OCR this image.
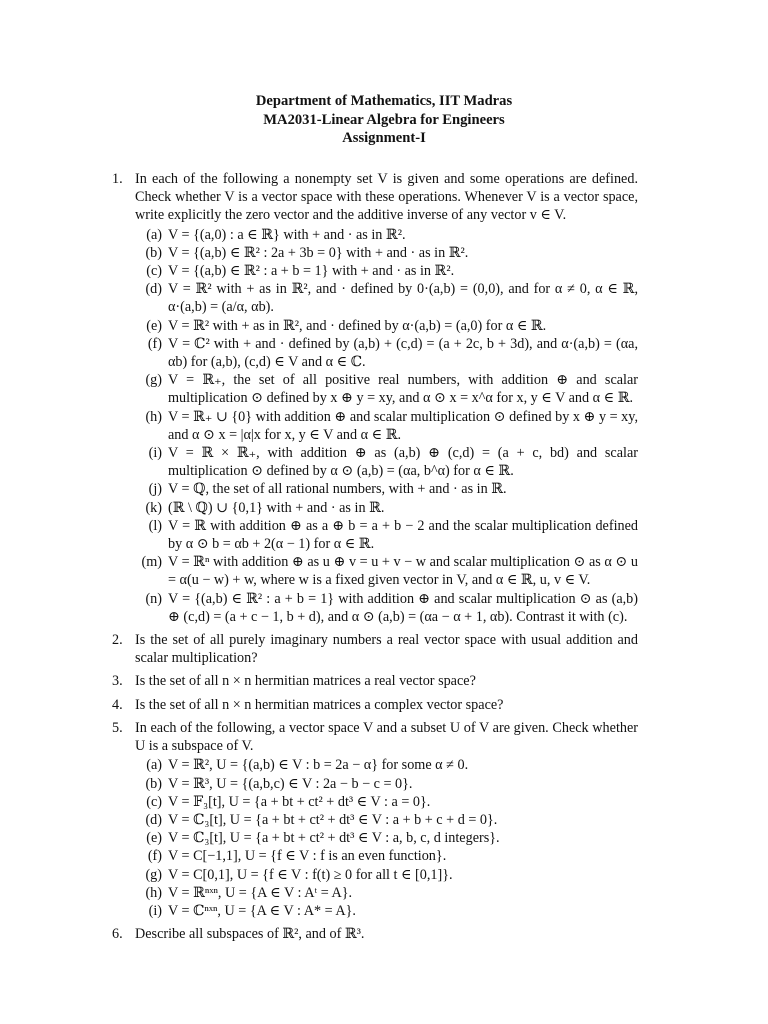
Department of Mathematics, IIT Madras
MA2031-Linear Algebra for Engineers
Assignment-I
1. In each of the following a nonempty set V is given and some operations are defined. Check whether V is a vector space with these operations. Whenever V is a vector space, write explicitly the zero vector and the additive inverse of any vector v ∈ V.
(a) V = {(a,0) : a ∈ ℝ} with + and · as in ℝ².
(b) V = {(a,b) ∈ ℝ² : 2a + 3b = 0} with + and · as in ℝ².
(c) V = {(a,b) ∈ ℝ² : a + b = 1} with + and · as in ℝ².
(d) V = ℝ² with + as in ℝ², and · defined by 0·(a,b) = (0,0), and for α ≠ 0, α ∈ ℝ, α·(a,b) = (a/α, αb).
(e) V = ℝ² with + as in ℝ², and · defined by α·(a,b) = (a,0) for α ∈ ℝ.
(f) V = ℂ² with + and · defined by (a,b) + (c,d) = (a + 2c, b + 3d), and α·(a,b) = (αa, αb) for (a,b), (c,d) ∈ V and α ∈ ℂ.
(g) V = ℝ₊, the set of all positive real numbers, with addition ⊕ and scalar multiplication ⊙ defined by x ⊕ y = xy, and α ⊙ x = x^α for x, y ∈ V and α ∈ ℝ.
(h) V = ℝ₊ ∪ {0} with addition ⊕ and scalar multiplication ⊙ defined by x ⊕ y = xy, and α ⊙ x = |α|x for x, y ∈ V and α ∈ ℝ.
(i) V = ℝ × ℝ₊, with addition ⊕ as (a,b) ⊕ (c,d) = (a + c, bd) and scalar multiplication ⊙ defined by α ⊙ (a,b) = (αa, b^α) for α ∈ ℝ.
(j) V = ℚ, the set of all rational numbers, with + and · as in ℝ.
(k) (ℝ \ ℚ) ∪ {0,1} with + and · as in ℝ.
(l) V = ℝ with addition ⊕ as a ⊕ b = a + b − 2 and the scalar multiplication defined by α ⊙ b = αb + 2(α − 1) for α ∈ ℝ.
(m) V = ℝⁿ with addition ⊕ as u ⊕ v = u + v − w and scalar multiplication ⊙ as α ⊙ u = α(u − w) + w, where w is a fixed given vector in V, and α ∈ ℝ, u, v ∈ V.
(n) V = {(a,b) ∈ ℝ² : a + b = 1} with addition ⊕ and scalar multiplication ⊙ as (a,b) ⊕ (c,d) = (a + c − 1, b + d), and α ⊙ (a,b) = (αa − α + 1, αb). Contrast it with (c).
2. Is the set of all purely imaginary numbers a real vector space with usual addition and scalar multiplication?
3. Is the set of all n × n hermitian matrices a real vector space?
4. Is the set of all n × n hermitian matrices a complex vector space?
5. In each of the following, a vector space V and a subset U of V are given. Check whether U is a subspace of V.
(a) V = ℝ², U = {(a,b) ∈ V : b = 2a − α} for some α ≠ 0.
(b) V = ℝ³, U = {(a,b,c) ∈ V : 2a − b − c = 0}.
(c) V = 𝔽₃[t], U = {a + bt + ct² + dt³ ∈ V : a = 0}.
(d) V = ℂ₃[t], U = {a + bt + ct² + dt³ ∈ V : a + b + c + d = 0}.
(e) V = ℂ₃[t], U = {a + bt + ct² + dt³ ∈ V : a, b, c, d integers}.
(f) V = C[−1,1], U = {f ∈ V : f is an even function}.
(g) V = C[0,1], U = {f ∈ V : f(t) ≥ 0 for all t ∈ [0,1]}.
(h) V = ℝⁿˣⁿ, U = {A ∈ V : Aᵗ = A}.
(i) V = ℂⁿˣⁿ, U = {A ∈ V : A* = A}.
6. Describe all subspaces of ℝ², and of ℝ³.
